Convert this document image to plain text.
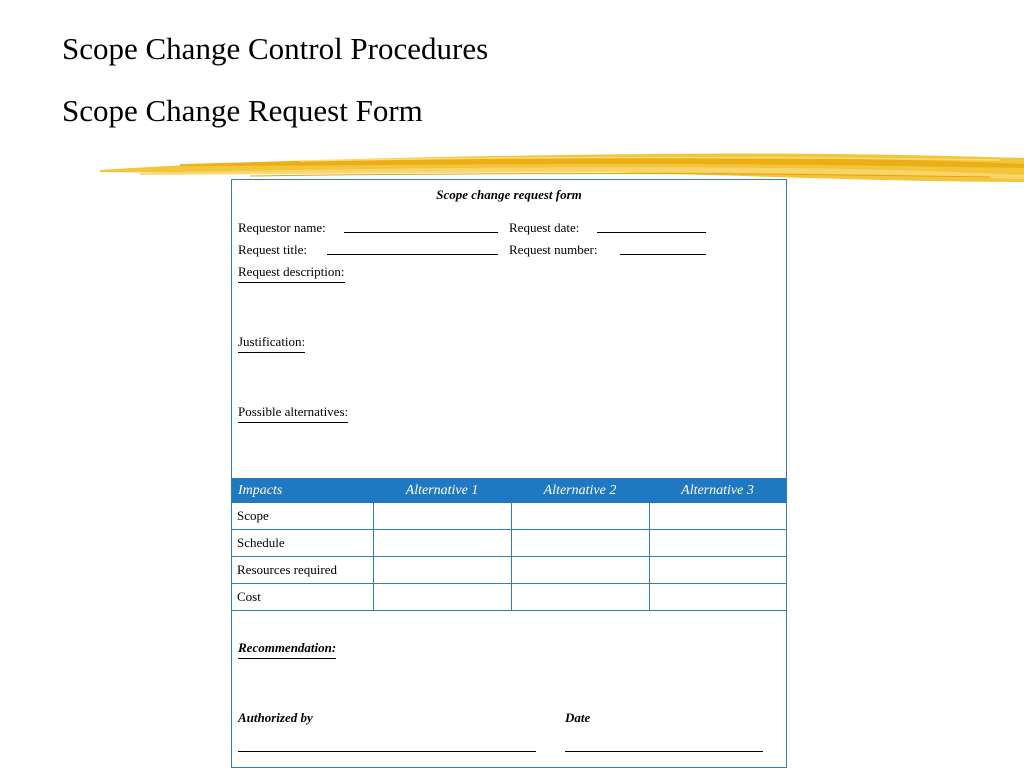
Scope Change Control Procedures
Scope Change Request Form
Scope change request form
Requestor name:	Request date:
Request title:	Request number:
Request description:
Justification:
Possible alternatives:
Impacts	Alternative 1	Alternative 2	Alternative 3
Scope			
Schedule			
Resources required			
Cost			
Recommendation:
Authorized by	Date
